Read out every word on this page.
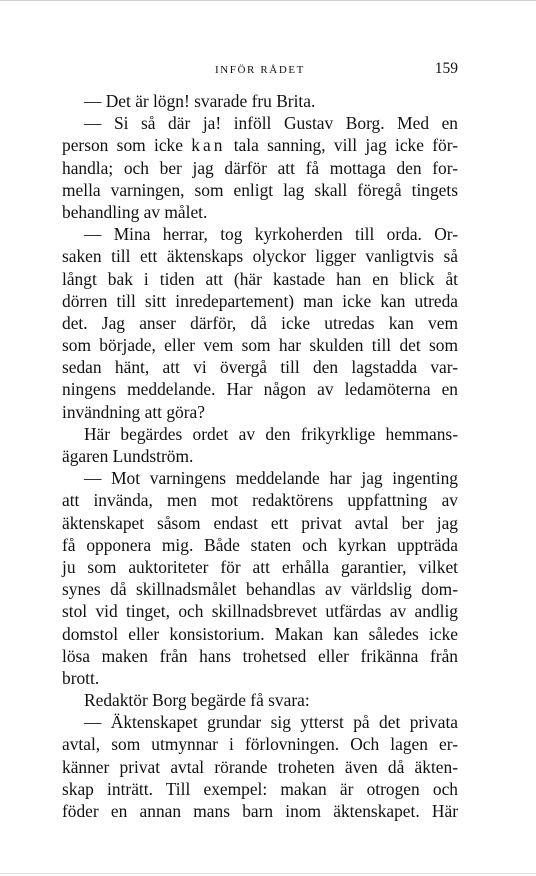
INFÖR RÅDET	159
— Det är lögn! svarade fru Brita.
— Si så där ja! inföll Gustav Borg. Med en
person som icke kan tala sanning, vill jag icke för-
handla; och ber jag därför att få mottaga den for-
mella varningen, som enligt lag skall föregå tingets
behandling av målet.
— Mina herrar, tog kyrkoherden till orda. Or-
saken till ett äktenskaps olyckor ligger vanligtvis så
långt bak i tiden att (här kastade han en blick åt
dörren till sitt inredepartement) man icke kan utreda
det. Jag anser därför, då icke utredas kan vem
som började, eller vem som har skulden till det som
sedan hänt, att vi övergå till den lagstadda var-
ningens meddelande. Har någon av ledamöterna en
invändning att göra?
Här begärdes ordet av den frikyrklige hemmans-
ägaren Lundström.
— Mot varningens meddelande har jag ingenting
att invända, men mot redaktörens uppfattning av
äktenskapet såsom endast ett privat avtal ber jag
få opponera mig. Både staten och kyrkan uppträda
ju som auktoriteter för att erhålla garantier, vilket
synes då skillnadsmålet behandlas av världslig dom-
stol vid tinget, och skillnadsbrevet utfärdas av andlig
domstol eller konsistorium. Makan kan således icke
lösa maken från hans trohetsed eller frikänna från
brott.
Redaktör Borg begärde få svara:
— Äktenskapet grundar sig ytterst på det privata
avtal, som utmynnar i förlovningen. Och lagen er-
känner privat avtal rörande troheten även då äkten-
skap inträtt. Till exempel: makan är otrogen och
föder en annan mans barn inom äktenskapet. Här
